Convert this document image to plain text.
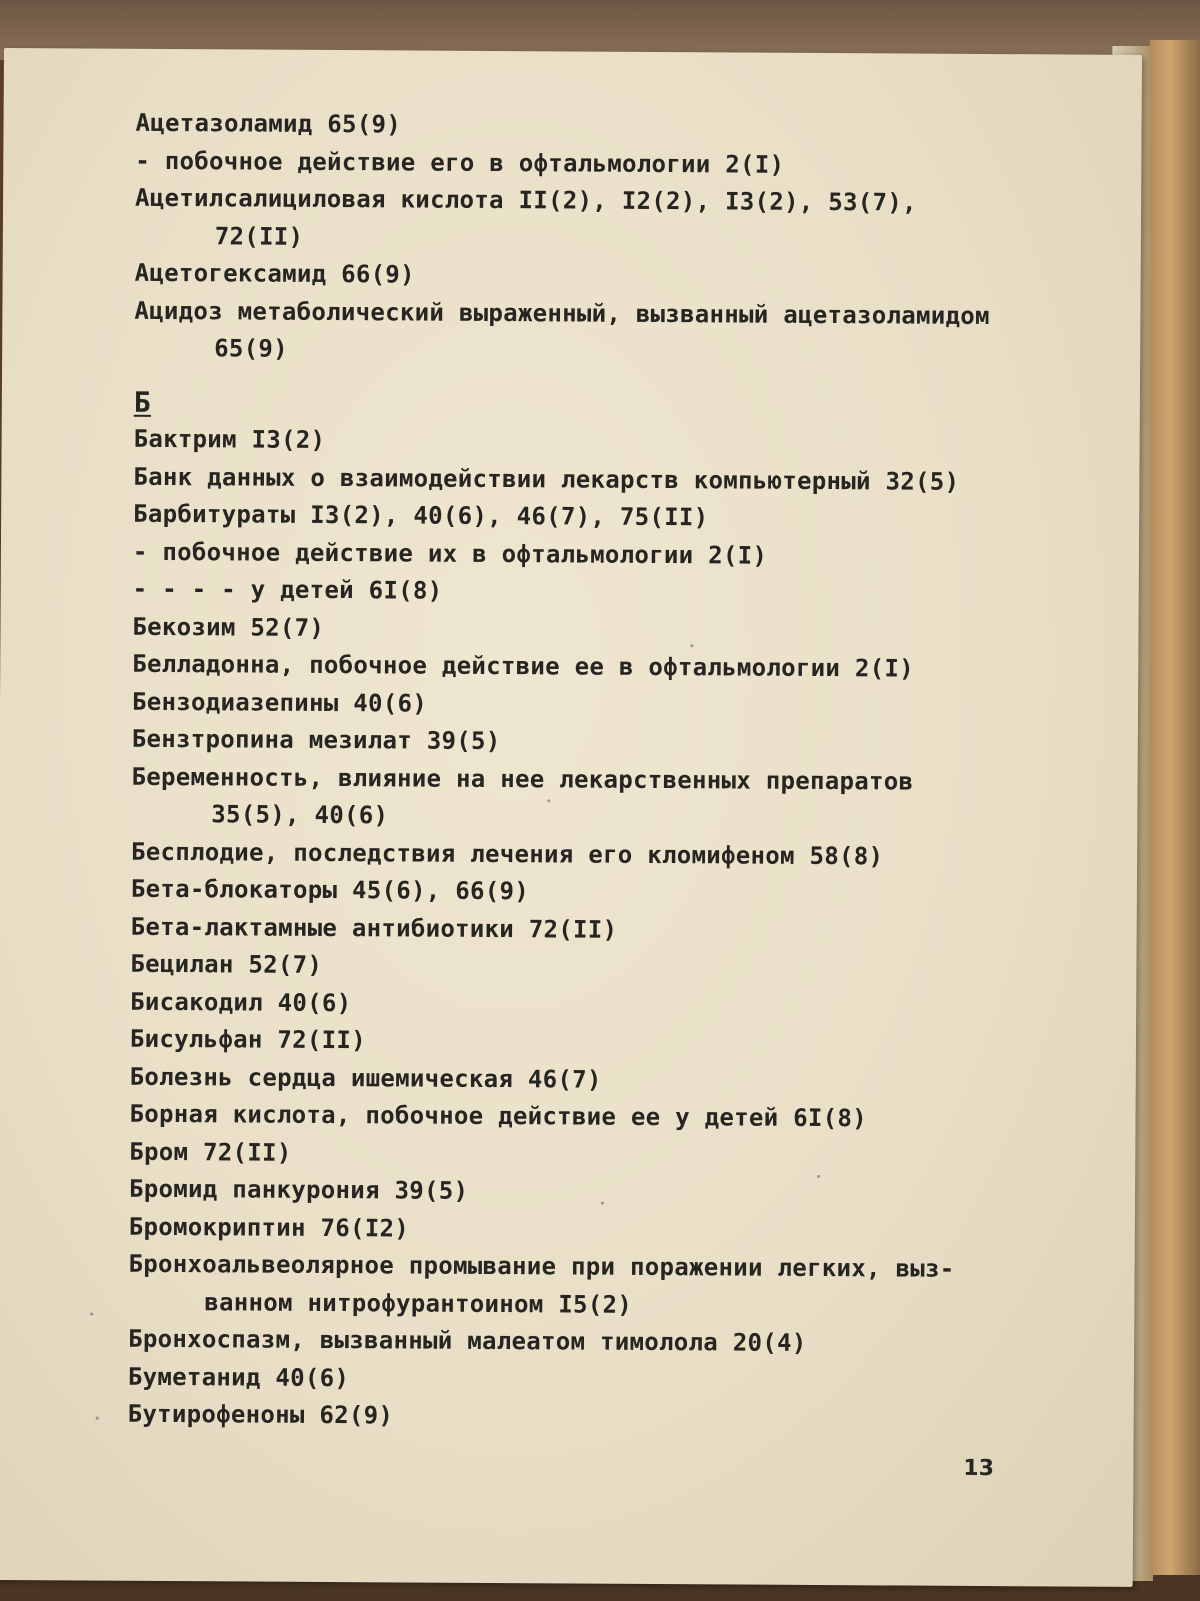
Ацетазоламид 65(9)
- побочное действие его в офтальмологии 2(I)
Ацетилсалициловая кислота II(2), I2(2), I3(2), 53(7),
72(II)
Ацетогексамид 66(9)
Ацидоз метаболический выраженный, вызванный ацетазоламидом
65(9)
Б
Бактрим I3(2)
Банк данных о взаимодействии лекарств компьютерный 32(5)
Барбитураты I3(2), 40(6), 46(7), 75(II)
- побочное действие их в офтальмологии 2(I)
- - - - у детей 6I(8)
Бекозим 52(7)
Белладонна, побочное действие ее в офтальмологии 2(I)
Бензодиазепины 40(6)
Бензтропина мезилат 39(5)
Беременность, влияние на нее лекарственных препаратов
35(5), 40(6)
Бесплодие, последствия лечения его кломифеном 58(8)
Бета-блокаторы 45(6), 66(9)
Бета-лактамные антибиотики 72(II)
Бецилан 52(7)
Бисакодил 40(6)
Бисульфан 72(II)
Болезнь сердца ишемическая 46(7)
Борная кислота, побочное действие ее у детей 6I(8)
Бром 72(II)
Бромид панкурония 39(5)
Бромокриптин 76(I2)
Бронхоальвеолярное промывание при поражении легких, выз-
ванном нитрофурантоином I5(2)
Бронхоспазм, вызванный малеатом тимолола 20(4)
Буметанид 40(6)
Бутирофеноны 62(9)
13
